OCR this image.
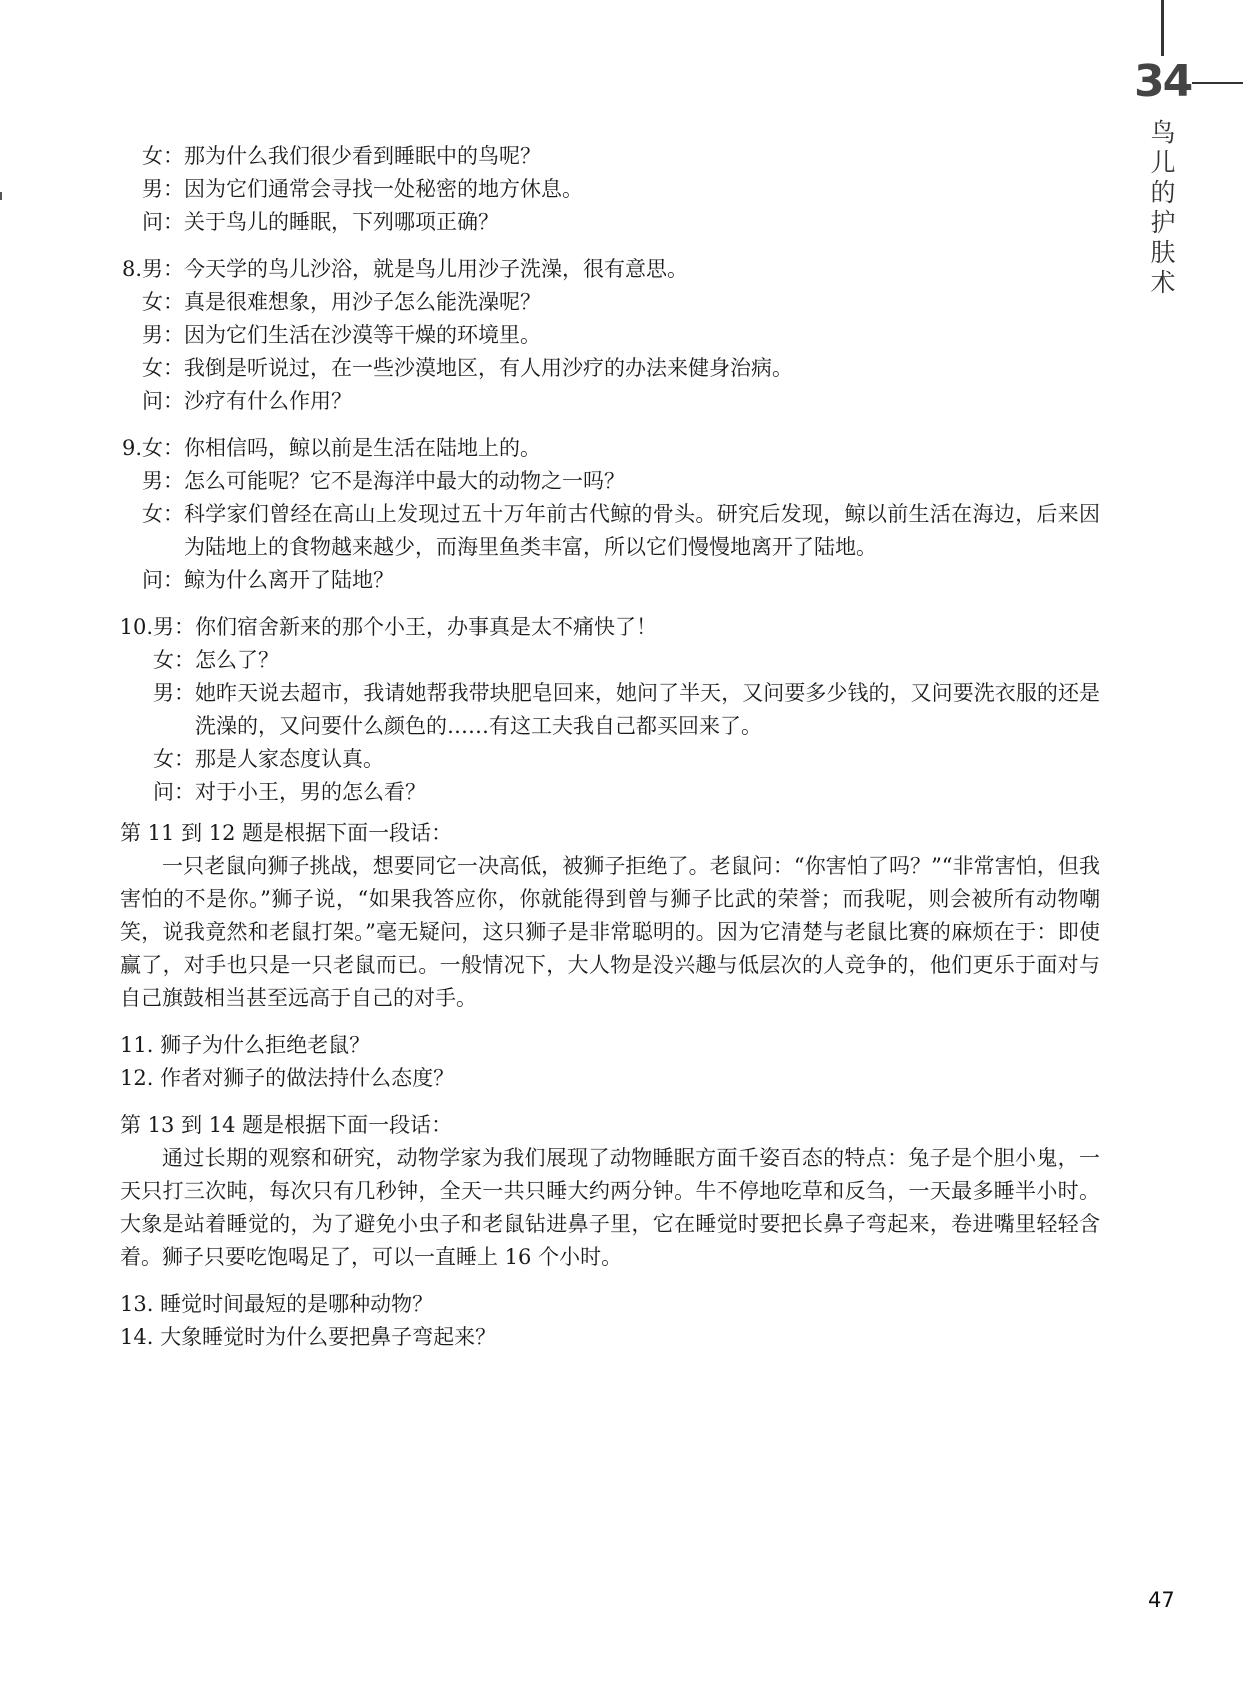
34
鸟
儿
的
护
肤
术
女：那为什么我们很少看到睡眠中的鸟呢？
男：因为它们通常会寻找一处秘密的地方休息。
问：关于鸟儿的睡眠，下列哪项正确？
8. 男：今天学的鸟儿沙浴，就是鸟儿用沙子洗澡，很有意思。
女：真是很难想象，用沙子怎么能洗澡呢？
男：因为它们生活在沙漠等干燥的环境里。
女：我倒是听说过，在一些沙漠地区，有人用沙疗的办法来健身治病。
问：沙疗有什么作用？
9. 女：你相信吗，鲸以前是生活在陆地上的。
男：怎么可能呢？它不是海洋中最大的动物之一吗？
女： 科学家们曾经在高山上发现过五十万年前古代鲸的骨头。研究后发现，鲸以前生活在海边，后来因为陆地上的食物越来越少，而海里鱼类丰富，所以它们慢慢地离开了陆地。
问：鲸为什么离开了陆地？
10. 男：你们宿舍新来的那个小王，办事真是太不痛快了！
女：怎么了？
男： 她昨天说去超市，我请她帮我带块肥皂回来，她问了半天，又问要多少钱的，又问要洗衣服的还是洗澡的，又问要什么颜色的……有这工夫我自己都买回来了。
女：那是人家态度认真。
问：对于小王，男的怎么看？
第 11 到 12 题是根据下面一段话：
一只老鼠向狮子挑战，想要同它一决高低，被狮子拒绝了。老鼠问：“你害怕了吗？”“非常害怕，但我害怕的不是你。”狮子说，“如果我答应你，你就能得到曾与狮子比武的荣誉；而我呢，则会被所有动物嘲笑，说我竟然和老鼠打架。”毫无疑问，这只狮子是非常聪明的。因为它清楚与老鼠比赛的麻烦在于：即使赢了，对手也只是一只老鼠而已。一般情况下，大人物是没兴趣与低层次的人竞争的，他们更乐于面对与自己旗鼓相当甚至远高于自己的对手。
11. 狮子为什么拒绝老鼠？
12. 作者对狮子的做法持什么态度？
第 13 到 14 题是根据下面一段话：
通过长期的观察和研究，动物学家为我们展现了动物睡眠方面千姿百态的特点：兔子是个胆小鬼，一天只打三次盹，每次只有几秒钟，全天一共只睡大约两分钟。牛不停地吃草和反刍，一天最多睡半小时。大象是站着睡觉的，为了避免小虫子和老鼠钻进鼻子里，它在睡觉时要把长鼻子弯起来，卷进嘴里轻轻含着。狮子只要吃饱喝足了，可以一直睡上 16 个小时。
13. 睡觉时间最短的是哪种动物？
14. 大象睡觉时为什么要把鼻子弯起来？
47
